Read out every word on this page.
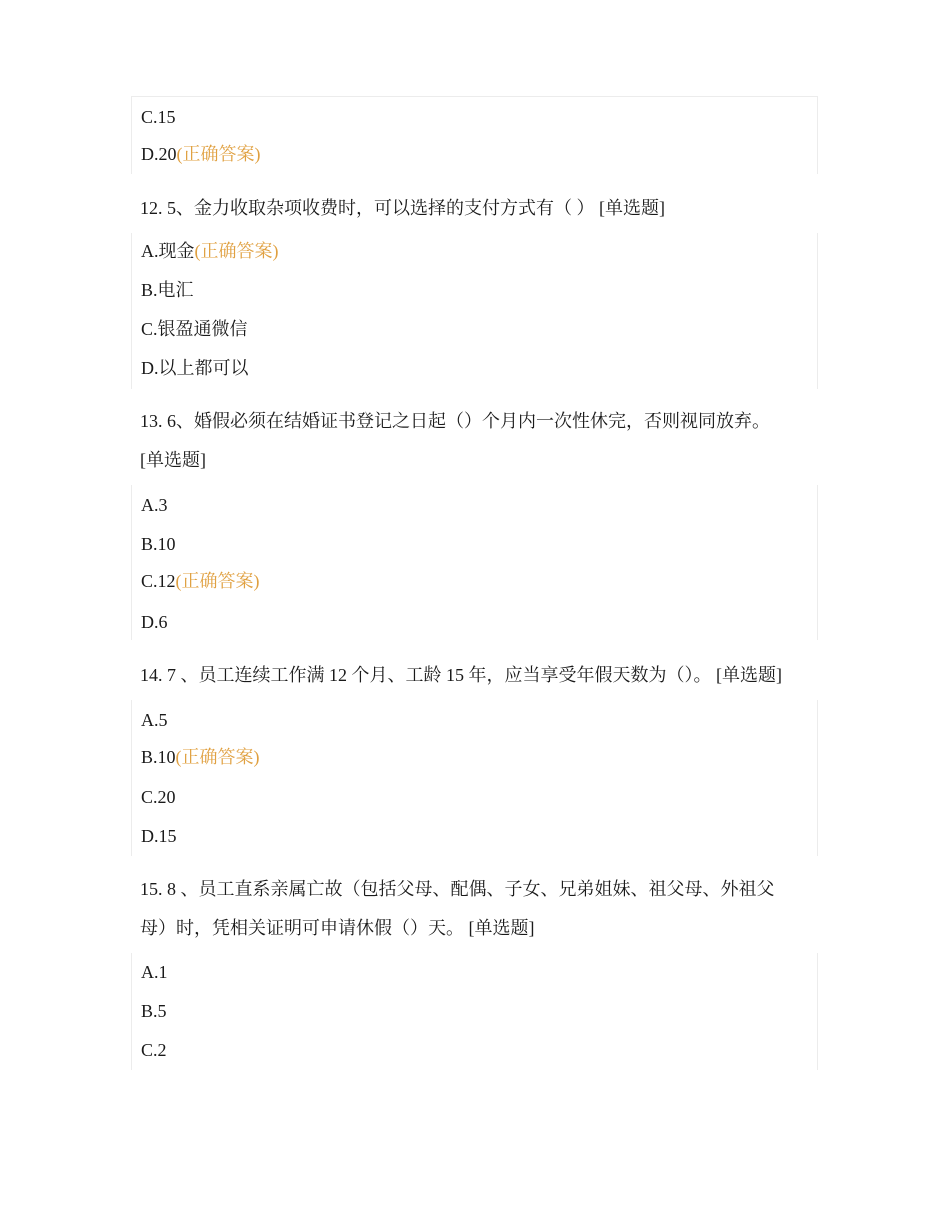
C.15
D.20(正确答案)
12. 5、金力收取杂项收费时，可以选择的支付方式有（ ） [单选题]
A.现金(正确答案)
B.电汇
C.银盈通微信
D.以上都可以
13. 6、婚假必须在结婚证书登记之日起（）个月内一次性休完，否则视同放弃。
[单选题]
A.3
B.10
C.12(正确答案)
D.6
14. 7 、员工连续工作满 12 个月、工龄 15 年，应当享受年假天数为（）。 [单选题]
A.5
B.10(正确答案)
C.20
D.15
15. 8 、员工直系亲属亡故（包括父母、配偶、子女、兄弟姐妹、祖父母、外祖父
母）时，凭相关证明可申请休假（）天。 [单选题]
A.1
B.5
C.2
